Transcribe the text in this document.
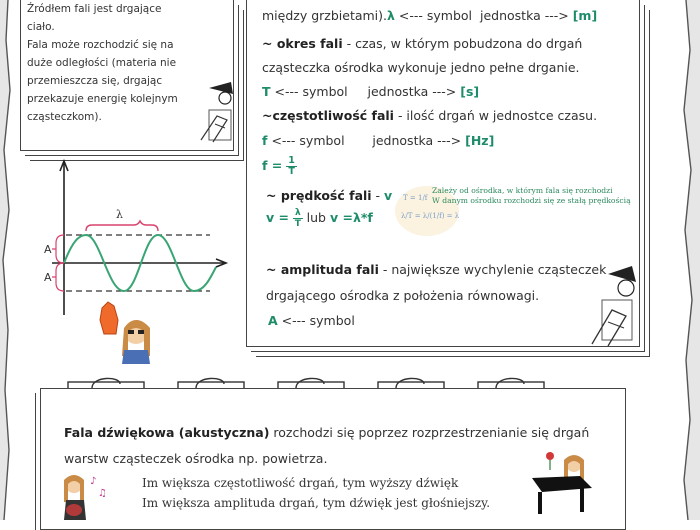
Źródłem fali jest drgające

ciało.

Fala może rozchodzić się na

duże odległości (materia nie

przemieszcza się, drgając

przekazuje energię kolejnym

cząsteczkom).

λ
A
A
między grzbietami).λ <--- symbol jednostka ---> [m]
~ okres fali - czas, w którym pobudzona do drgań
cząsteczka ośrodka wykonuje jedno pełne drganie.
T <--- symbol jednostka ---> [s]
~częstotliwość fali - ilość drgań w jednostce czasu.
f <--- symbol jednostka ---> [Hz]
$f = \frac{1}{T}$
~ prędkość fali - v
$v = \frac{\lambda}{T}$ lub v =λ*f
T = 1/f
λ/T = λ/(1/f) = λ·f
Zależy od ośrodka, w którym fala się rozchodzi
W danym ośrodku rozchodzi się ze stałą prędkością
~ amplituda fali - największe wychylenie cząsteczek
drgającego ośrodka z położenia równowagi.
A <--- symbol
Fala dźwiękowa (akustyczna) rozchodzi się poprzez rozprzestrzenianie się drgań
warstw cząsteczek ośrodka np. powietrza.
Im większa częstotliwość drgań, tym wyższy dźwięk
Im większa amplituda drgań, tym dźwięk jest głośniejszy.
♪
♫
